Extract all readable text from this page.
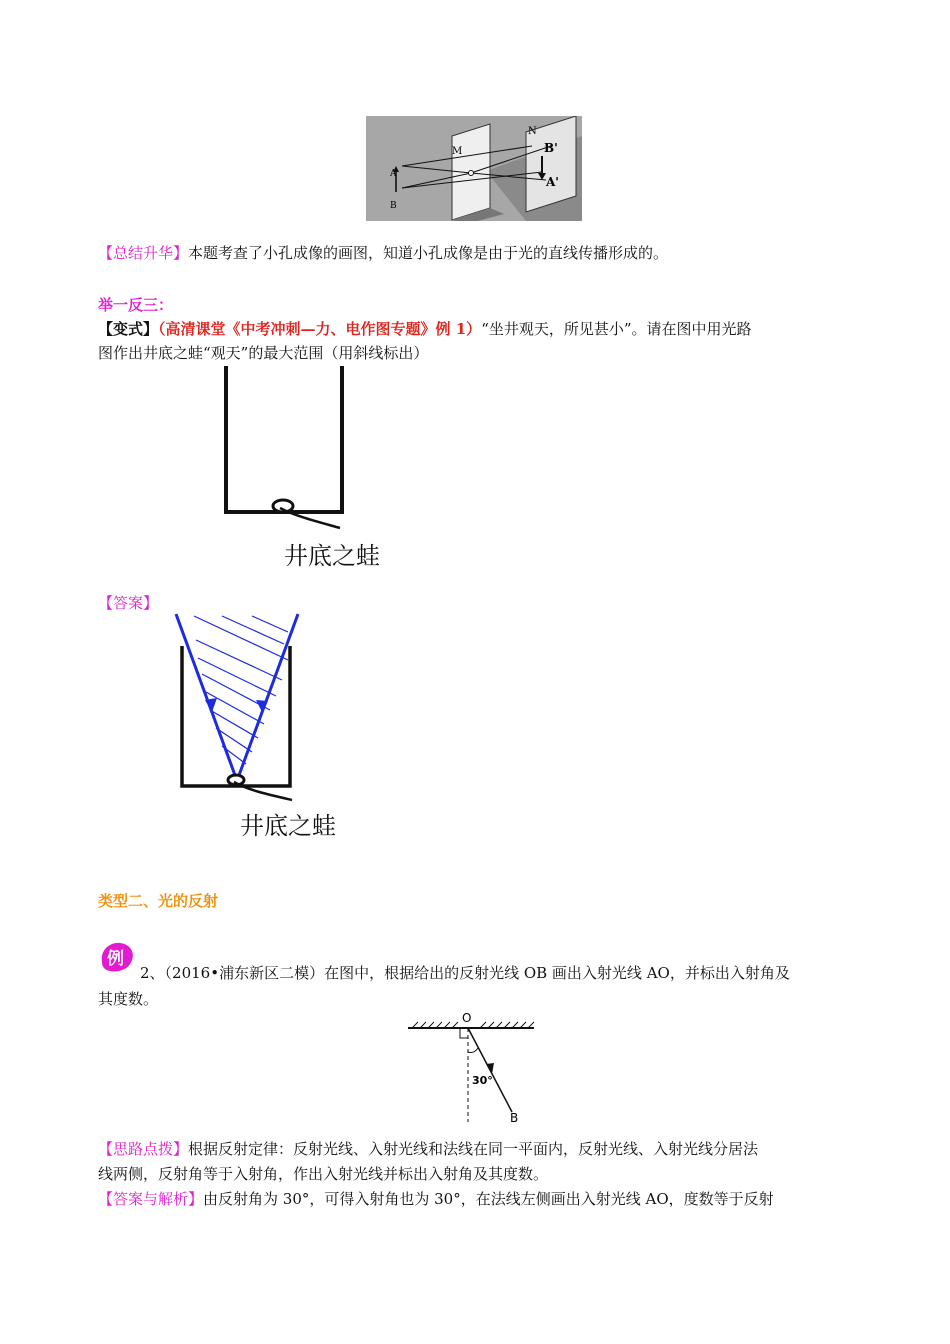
M
N
A
B
B'
A'
【总结升华】本题考查了小孔成像的画图，知道小孔成像是由于光的直线传播形成的。
举一反三：
【变式】（高清课堂《中考冲刺—力、电作图专题》例 1）“坐井观天，所见甚小”。请在图中用光路
图作出井底之蛙“观天”的最大范围（用斜线标出）
井底之蛙
【答案】
井底之蛙
类型二、光的反射
例
2、（2016•浦东新区二模）在图中，根据给出的反射光线 OB 画出入射光线 AO，并标出入射角及
其度数。
O
30°
B
【思路点拨】根据反射定律：反射光线、入射光线和法线在同一平面内，反射光线、入射光线分居法
线两侧，反射角等于入射角，作出入射光线并标出入射角及其度数。
【答案与解析】由反射角为 30°，可得入射角也为 30°，在法线左侧画出入射光线 AO，度数等于反射
